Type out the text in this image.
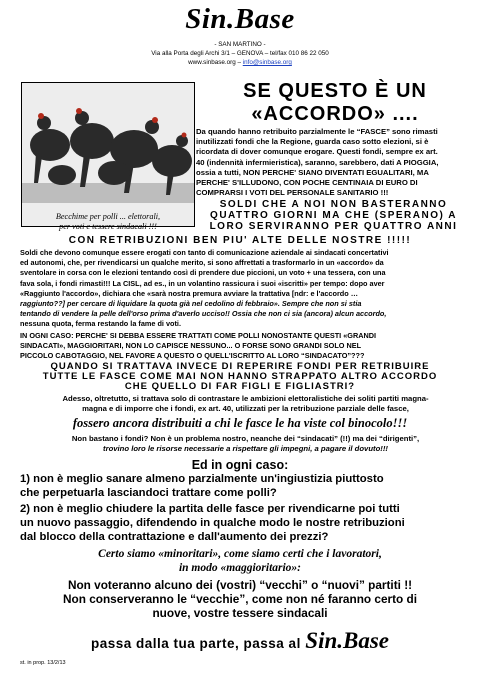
Sin.Base
- SAN MARTINO -
Via alla Porta degli Archi 3/1 – GENOVA – tel/fax 010 86 22 050
www.sinbase.org – info@sinbase.org
Becchime per polli ... elettorali,
per voti e tessere sindacali !!!
SE QUESTO È UN
«ACCORDO» ....
Da quando hanno retribuito parzialmente le “FASCE” sono rimasti
inutilizzati fondi che la Regione, guarda caso sotto elezioni, si è
ricordata di dover comunque erogare. Questi fondi, sempre ex art.
40 (indennità infermieristica), saranno, sarebbero, dati A PIOGGIA,
ossia a tutti, NON PERCHE' SIANO DIVENTATI EGUALITARI, MA
PERCHE' S'ILLUDONO, CON POCHE CENTINAIA DI EURO DI
COMPRARSI I VOTI DEL PERSONALE SANITARIO !!!
SOLDI CHE A NOI NON BASTERANNO
QUATTRO GIORNI MA CHE (SPERANO) A
LORO SERVIRANNO PER QUATTRO ANNI
CON RETRIBUZIONI BEN PIU' ALTE DELLE NOSTRE !!!!!
Soldi che devono comunque essere erogati con tanto di comunicazione aziendale ai sindacati concertativi
ed autonomi, che, per rivendicarsi un qualche merito, si sono affrettati a trasformarlo in un «accordo» da
sventolare in corsa con le elezioni tentando così di prendere due piccioni, un voto + una tessera, con una
fava sola, i fondi rimasti!!! La CISL, ad es., in un volantino rassicura i suoi «iscritti» per tempo: dopo aver
«Raggiunto l'accordo», dichiara che «sarà nostra premura avviare la trattativa [ndr: e l'accordo …
raggiunto??] per cercare di liquidare la quota già nel cedolino di febbraio». Sempre che non si stia
tentando di vendere la pelle dell'orso prima d'averlo ucciso!! Ossia che non ci sia (ancora) alcun accordo,
nessuna quota, ferma restando la fame di voti.
IN OGNI CASO: PERCHE' SI DEBBA ESSERE TRATTATI COME POLLI NONOSTANTE QUESTI «GRANDI
SINDACATI», MAGGIORITARI, NON LO CAPISCE NESSUNO... O FORSE SONO GRANDI SOLO NEL
PICCOLO CABOTAGGIO, NEL FAVORE A QUESTO O QUELL'ISCRITTO AL LORO “SINDACATO”???
QUANDO SI TRATTAVA INVECE DI REPERIRE FONDI PER RETRIBUIRE
TUTTE LE FASCE COME MAI NON HANNO STRAPPATO ALTRO ACCORDO
CHE QUELLO DI FAR FIGLI E FIGLIASTRI?
Adesso, oltretutto, si trattava solo di contrastare le ambizioni elettoralistiche dei soliti partiti magna-
magna e di imporre che i fondi, ex art. 40, utilizzati per la retribuzione parziale delle fasce,
fossero ancora distribuiti a chi le fasce le ha viste col binocolo!!!
Non bastano i fondi? Non è un problema nostro, neanche dei “sindacati” (!!) ma dei “dirigenti”,
trovino loro le risorse necessarie a rispettare gli impegni, a pagare il dovuto!!!
Ed in ogni caso:
1) non è meglio sanare almeno parzialmente un'ingiustizia piuttosto
che perpetuarla lasciandoci trattare come polli?
2) non è meglio chiudere la partita delle fasce per rivendicarne poi tutti
un nuovo passaggio, difendendo in qualche modo le nostre retribuzioni
dal blocco della contrattazione e dall'aumento dei prezzi?
Certo siamo «minoritari», come siamo certi che i lavoratori,
in modo «maggioritario»:
Non voteranno alcuno dei (vostri) “vecchi” o “nuovi” partiti !!
Non conserveranno le “vecchie”, come non né faranno certo di
nuove, vostre tessere sindacali
passa dalla tua parte, passa al Sin.Base
st. in prop. 13/2/13
